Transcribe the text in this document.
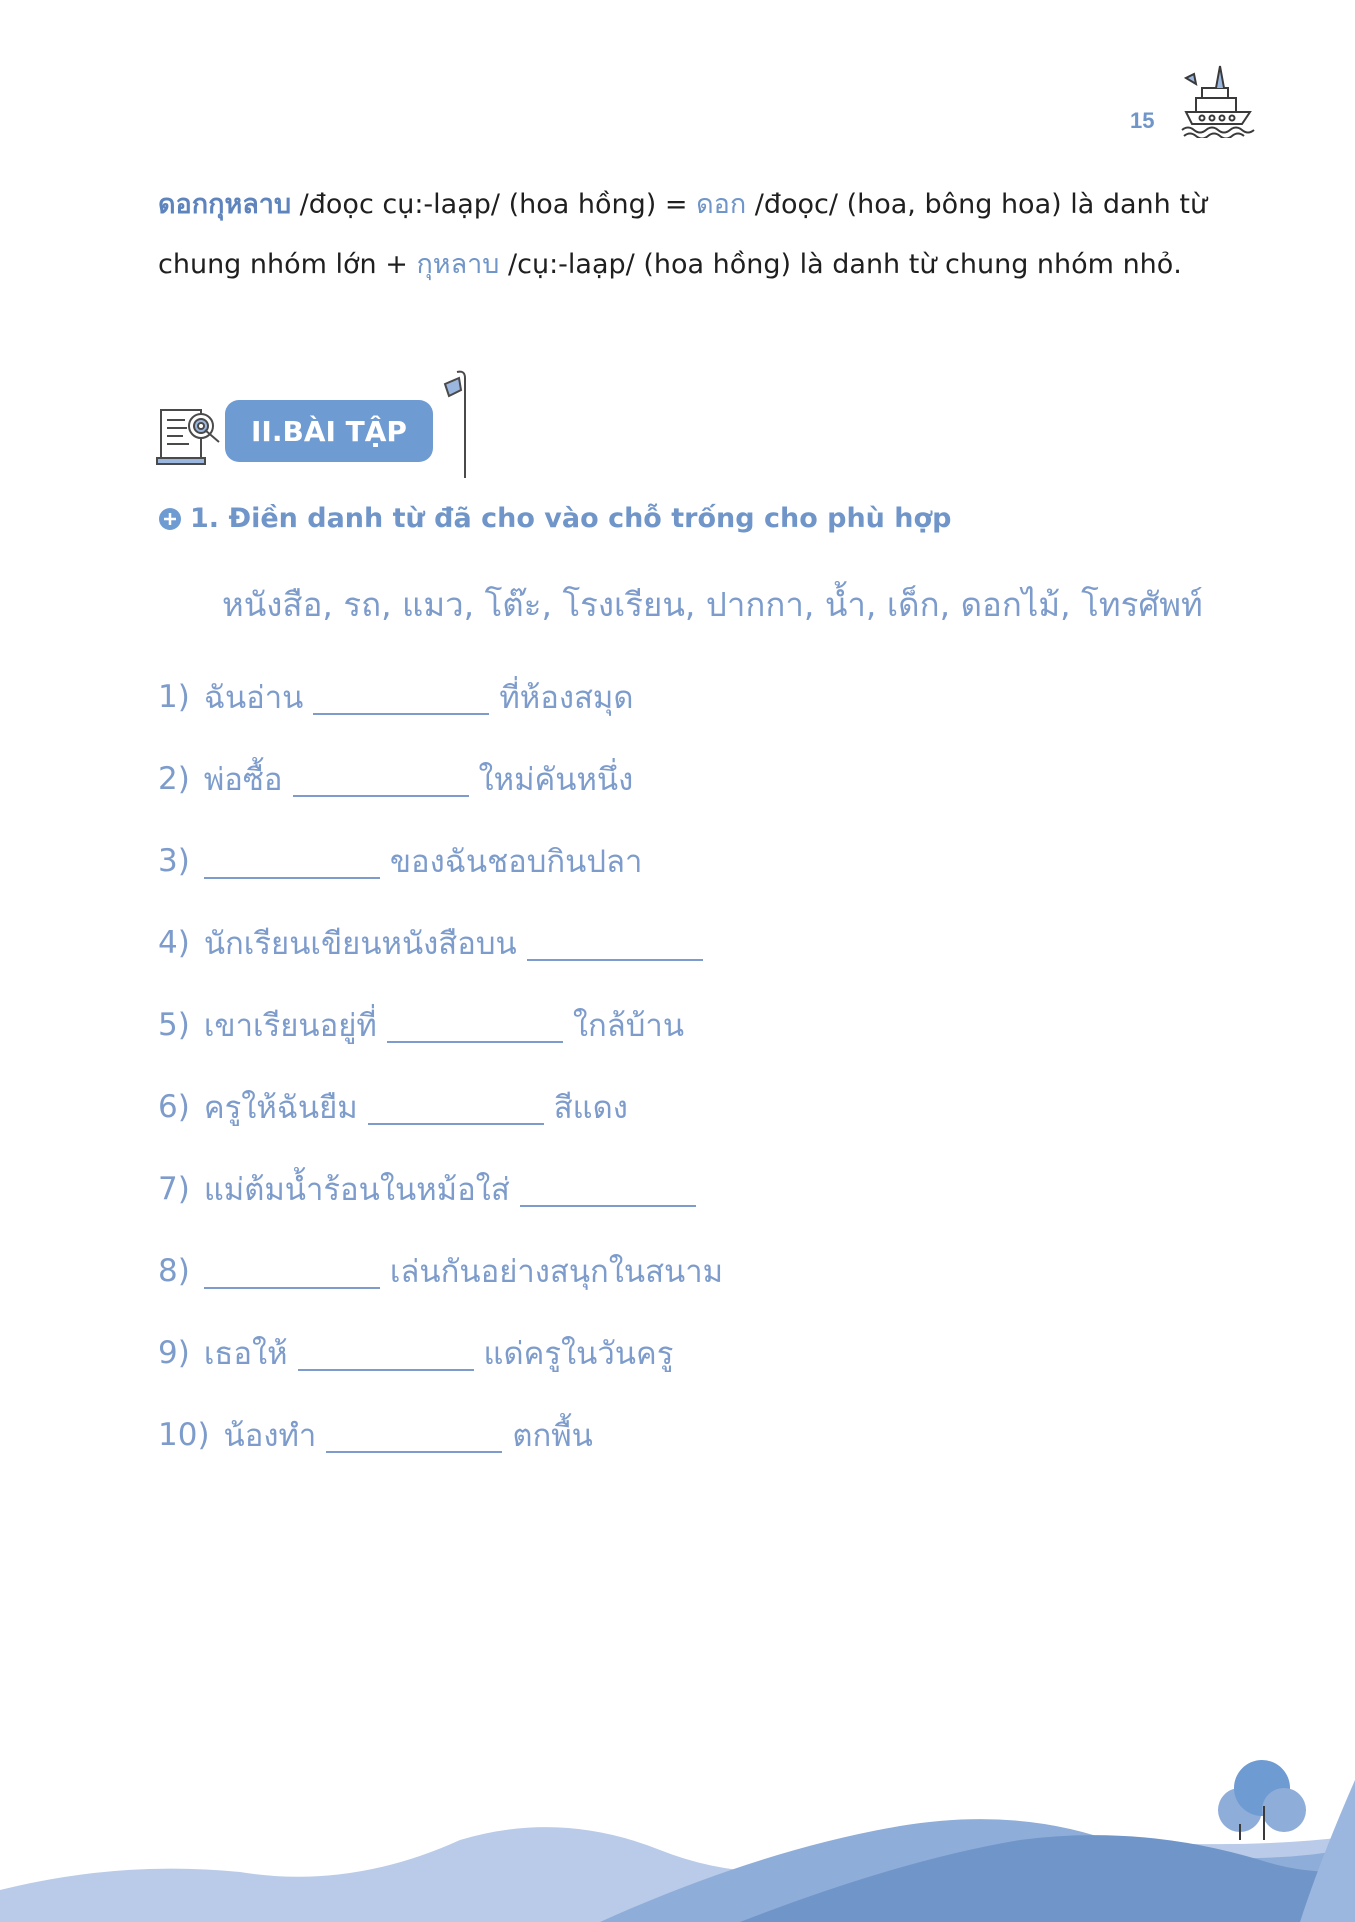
15
ดอกกุหลาบ /đoọc cụ:-laạp/ (hoa hồng) = ดอก /đoọc/ (hoa, bông hoa) là danh từ chung nhóm lớn + กุหลาบ /cụ:-laạp/ (hoa hồng) là danh từ chung nhóm nhỏ.
II.BÀI TẬP
1. Điền danh từ đã cho vào chỗ trống cho phù hợp
หนังสือ, รถ, แมว, โต๊ะ, โรงเรียน, ปากกา, น้ำ, เด็ก, ดอกไม้, โทรศัพท์
1) ฉันอ่าน	ที่ห้องสมุด
2) พ่อซื้อ	ใหม่คันหนึ่ง
3)	ของฉันชอบกินปลา
4) นักเรียนเขียนหนังสือบน
5) เขาเรียนอยู่ที่	ใกล้บ้าน
6) ครูให้ฉันยืม	สีแดง
7) แม่ต้มน้ำร้อนในหม้อใส่
8)	เล่นกันอย่างสนุกในสนาม
9) เธอให้	แด่ครูในวันครู
10) น้องทำ	ตกพื้น
